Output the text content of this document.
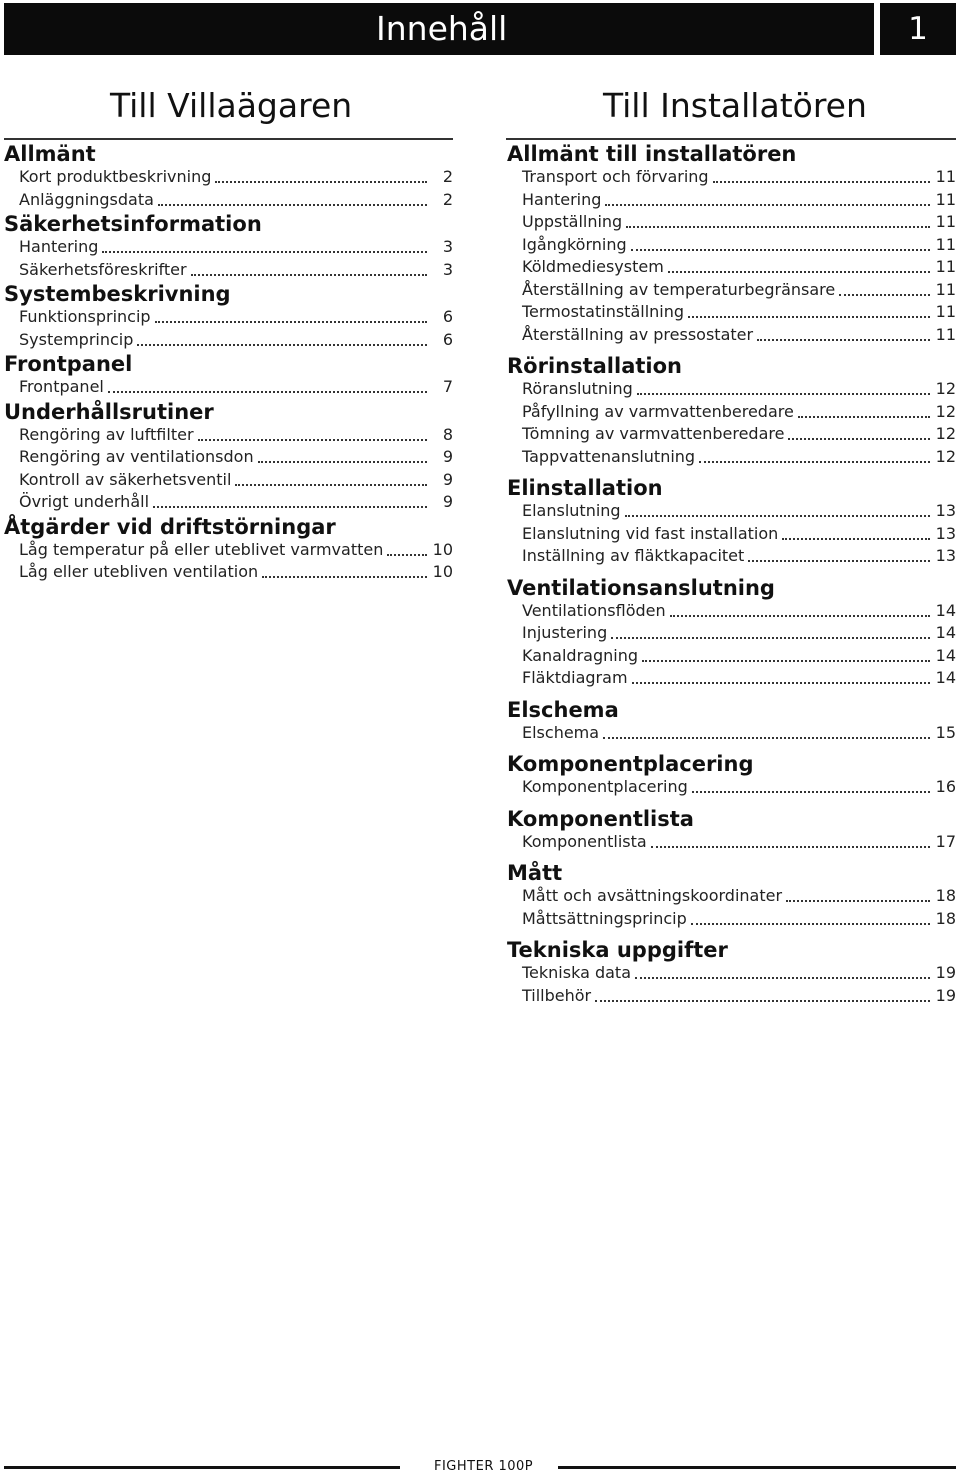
Innehåll	1
Till Villaägaren	Till Installatören
Allmänt
Kort produktbeskrivning	2
Anläggningsdata	2
Säkerhetsinformation
Hantering	3
Säkerhetsföreskrifter	3
Systembeskrivning
Funktionsprincip	6
Systemprincip	6
Frontpanel
Frontpanel	7
Underhållsrutiner
Rengöring av luftfilter	8
Rengöring av ventilationsdon	9
Kontroll av säkerhetsventil	9
Övrigt underhåll	9
Åtgärder vid driftstörningar
Låg temperatur på eller uteblivet varmvatten	10
Låg eller utebliven ventilation	10
Allmänt till installatören
Transport och förvaring	11
Hantering	11
Uppställning	11
Igångkörning	11
Köldmediesystem	11
Återställning av temperaturbegränsare	11
Termostatinställning	11
Återställning av pressostater	11
Rörinstallation
Röranslutning	12
Påfyllning av varmvattenberedare	12
Tömning av varmvattenberedare	12
Tappvattenanslutning	12
Elinstallation
Elanslutning	13
Elanslutning vid fast installation	13
Inställning av fläktkapacitet	13
Ventilationsanslutning
Ventilationsflöden	14
Injustering	14
Kanaldragning	14
Fläktdiagram	14
Elschema
Elschema	15
Komponentplacering
Komponentplacering	16
Komponentlista
Komponentlista	17
Mått
Mått och avsättningskoordinater	18
Måttsättningsprincip	18
Tekniska uppgifter
Tekniska data	19
Tillbehör	19
FIGHTER 100P
